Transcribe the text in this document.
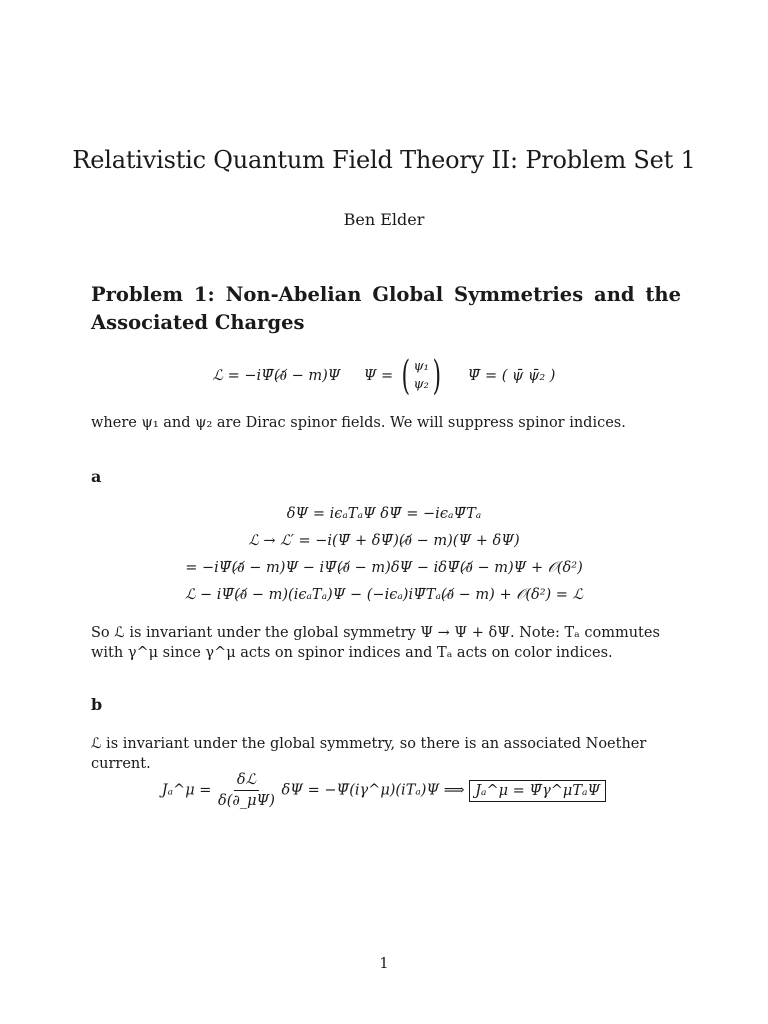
Relativistic Quantum Field Theory II: Problem Set 1
Ben Elder
Problem 1: Non-Abelian Global Symmetries and the Associated Charges
ℒ = −iΨ̄(∂̸ − m)Ψ Ψ = ( ψ₁
ψ₂ ) Ψ̄ = ( ψ̄ ψ̄₂ )
where ψ₁ and ψ₂ are Dirac spinor fields. We will suppress spinor indices.
a
δΨ = iϵₐTₐΨ δΨ̄ = −iϵₐΨ̄Tₐ
ℒ → ℒ′ = −i(Ψ̄ + δΨ̄)(∂̸ − m)(Ψ + δΨ)
= −iΨ̄(∂̸ − m)Ψ − iΨ̄(∂̸ − m)δΨ − iδΨ̄(∂̸ − m)Ψ + 𝒪(δ²)
ℒ − iΨ̄(∂̸ − m)(iϵₐTₐ)Ψ − (−iϵₐ)iΨ̄Tₐ(∂̸ − m) + 𝒪(δ²) = ℒ
So ℒ is invariant under the global symmetry Ψ → Ψ + δΨ. Note: Tₐ commutes with γ^μ since γ^μ acts on spinor indices and Tₐ acts on color indices.
b
ℒ is invariant under the global symmetry, so there is an associated Noether current.
Jₐ^μ = $\frac{\text{δℒ}}{\delta(\partial\_\mu\Psi)}$ δΨ = −Ψ̄(iγ^μ)(iTₐ)Ψ ⟹ Jₐ^μ = Ψ̄γ^μTₐΨ
1
